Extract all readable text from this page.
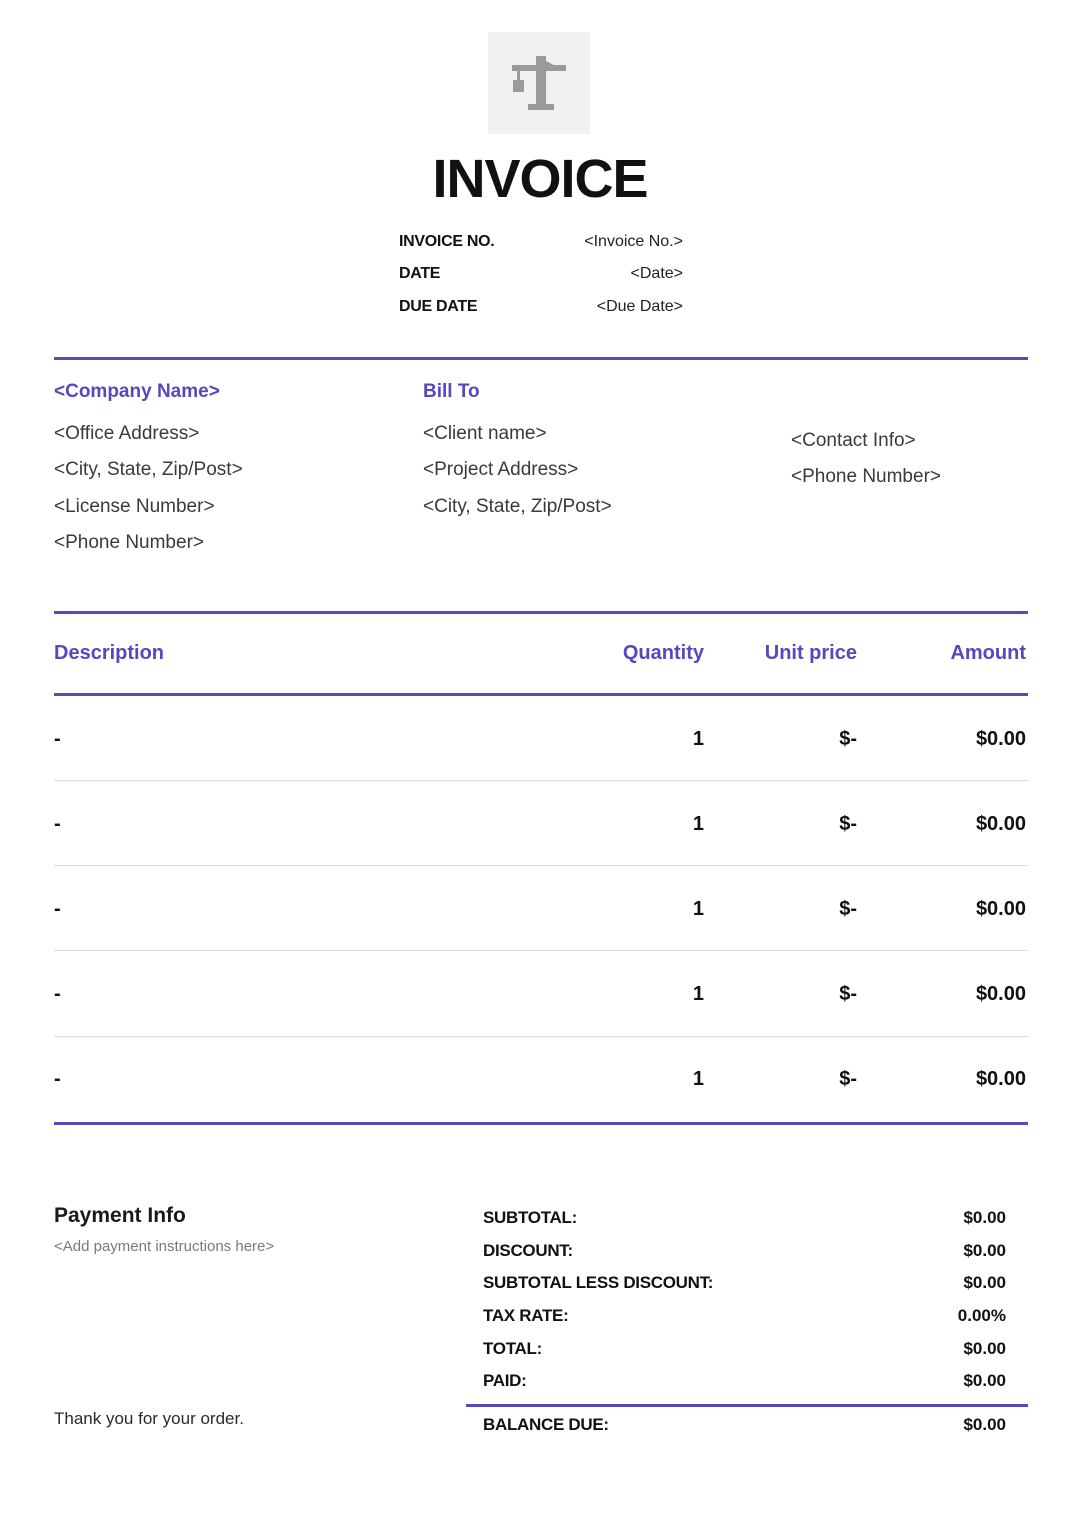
INVOICE
INVOICE NO.	<Invoice No.>
DATE	<Date>
DUE DATE	<Due Date>
<Company Name>
<Office Address>
<City, State, Zip/Post>
<License Number>
<Phone Number>
Bill To
<Client name>
<Project Address>
<City, State, Zip/Post>
<Contact Info>
<Phone Number>
Description	Quantity	Unit price	Amount
-	1	$-	$0.00
-	1	$-	$0.00
-	1	$-	$0.00
-	1	$-	$0.00
-	1	$-	$0.00
Payment Info
<Add payment instructions here>
Thank you for your order.
SUBTOTAL:	$0.00
DISCOUNT:	$0.00
SUBTOTAL LESS DISCOUNT:	$0.00
TAX RATE:	0.00%
TOTAL:	$0.00
PAID:	$0.00
BALANCE DUE:	$0.00
